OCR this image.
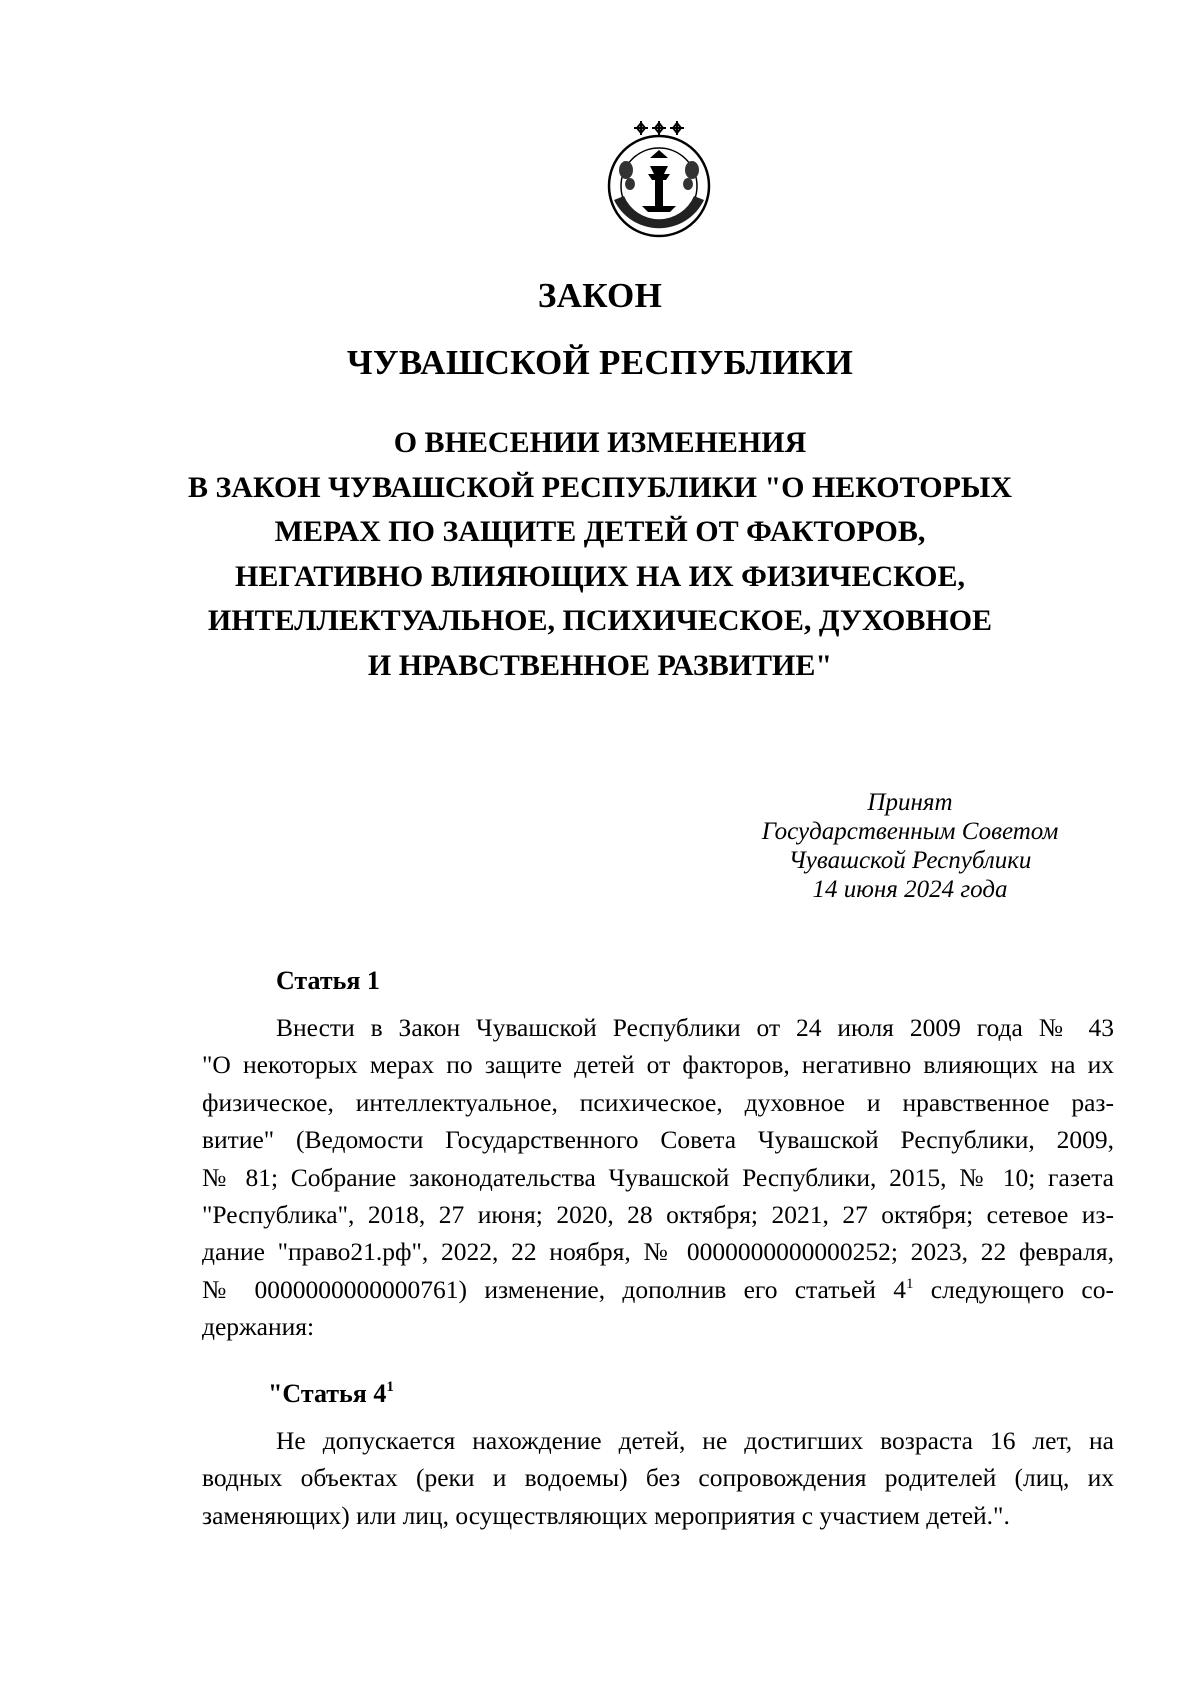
ЗАКОН
ЧУВАШСКОЙ РЕСПУБЛИКИ
О ВНЕСЕНИИ ИЗМЕНЕНИЯ
В ЗАКОН ЧУВАШСКОЙ РЕСПУБЛИКИ "О НЕКОТОРЫХ
МЕРАХ ПО ЗАЩИТЕ ДЕТЕЙ ОТ ФАКТОРОВ,
НЕГАТИВНО ВЛИЯЮЩИХ НА ИХ ФИЗИЧЕСКОЕ,
ИНТЕЛЛЕКТУАЛЬНОЕ, ПСИХИЧЕСКОЕ, ДУХОВНОЕ
И НРАВСТВЕННОЕ РАЗВИТИЕ"
Принят
Государственным Советом
Чувашской Республики
14 июня 2024 года
Статья 1
Внести в Закон Чувашской Республики от 24 июля 2009 года № 43
"О некоторых мерах по защите детей от факторов, негативно влияющих на их
физическое, интеллектуальное, психическое, духовное и нравственное раз-
витие" (Ведомости Государственного Совета Чувашской Республики, 2009,
№ 81; Собрание законодательства Чувашской Республики, 2015, № 10; газета
"Республика", 2018, 27 июня; 2020, 28 октября; 2021, 27 октября; сетевое из-
дание "право21.рф", 2022, 22 ноября, № 0000000000000252; 2023, 22 февраля,
№ 0000000000000761) изменение, дополнив его статьей $4^1$ следующего со-
держания:
"Статья $4^1$
Не допускается нахождение детей, не достигших возраста 16 лет, на
водных объектах (реки и водоемы) без сопровождения родителей (лиц, их
заменяющих) или лиц, осуществляющих мероприятия с участием детей.".
